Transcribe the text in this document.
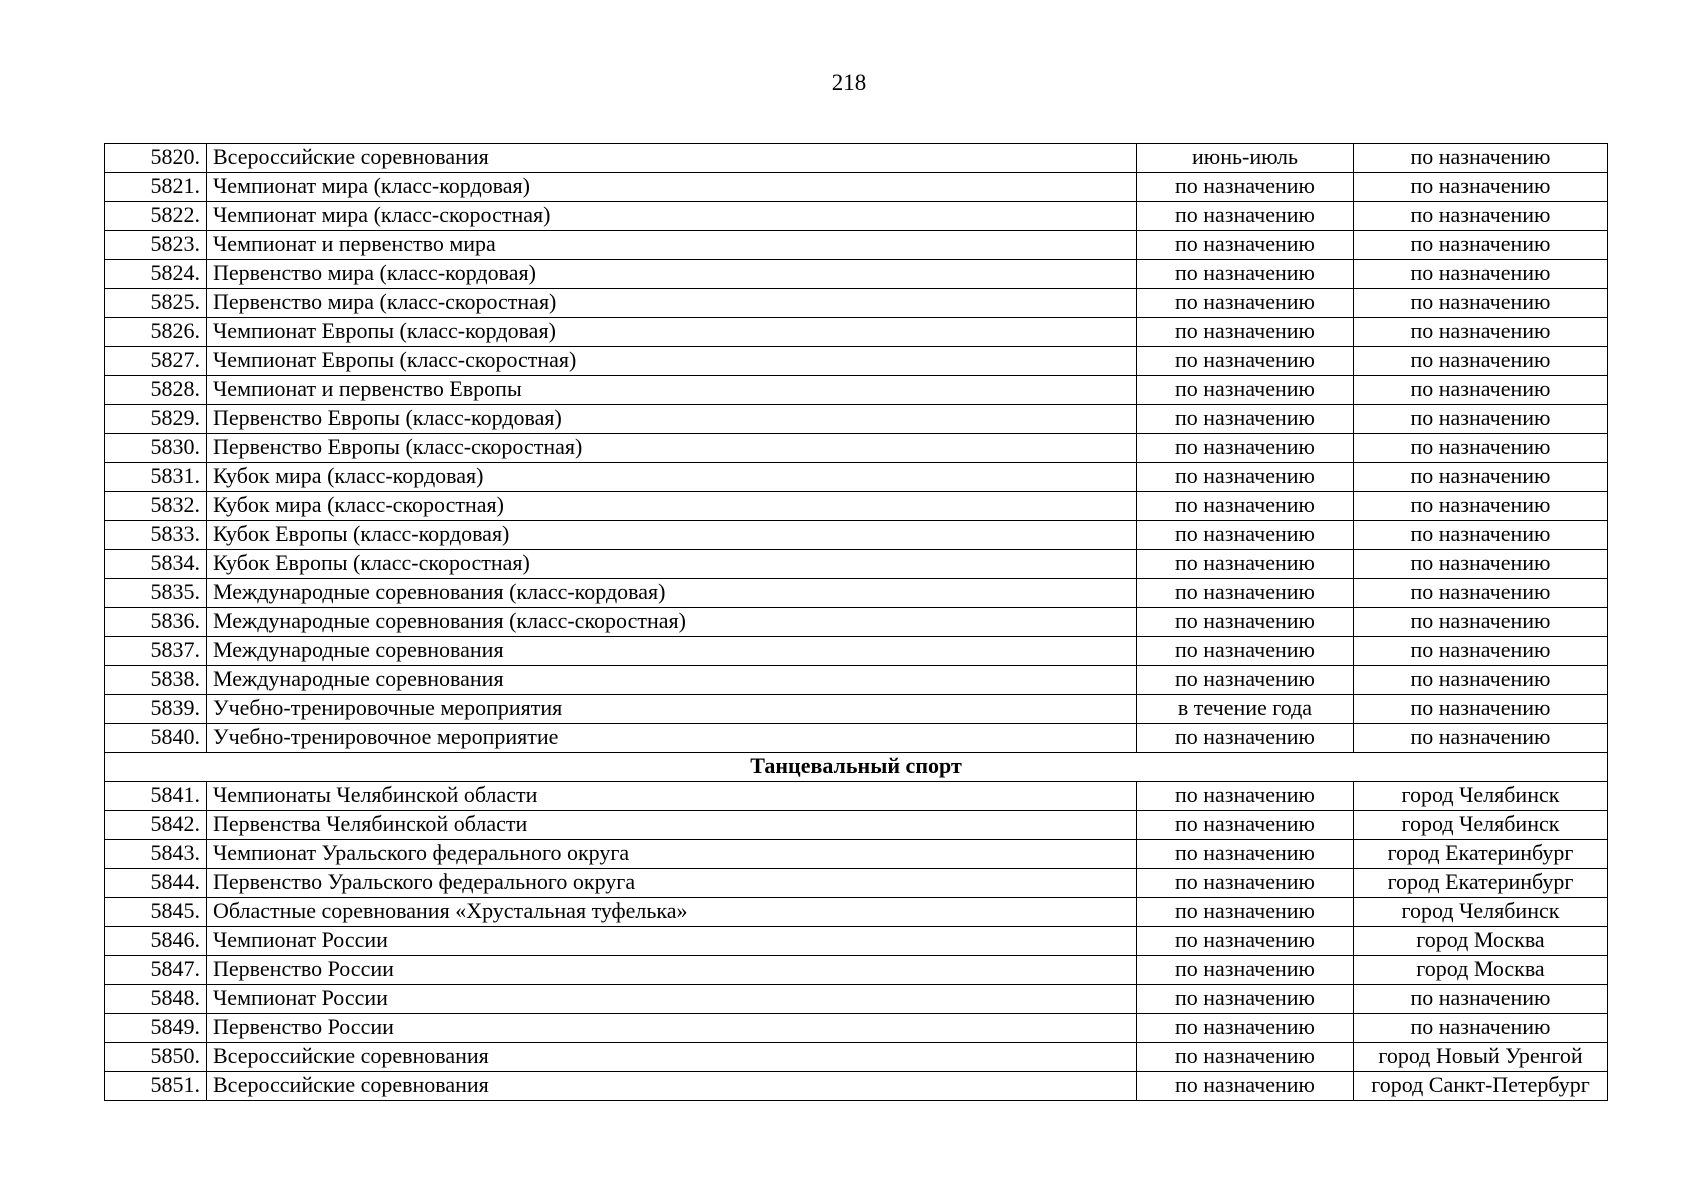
218
5820.	Всероссийские соревнования	июнь-июль	по назначению
5821.	Чемпионат мира (класс-кордовая)	по назначению	по назначению
5822.	Чемпионат мира (класс-скоростная)	по назначению	по назначению
5823.	Чемпионат и первенство мира	по назначению	по назначению
5824.	Первенство мира (класс-кордовая)	по назначению	по назначению
5825.	Первенство мира (класс-скоростная)	по назначению	по назначению
5826.	Чемпионат Европы (класс-кордовая)	по назначению	по назначению
5827.	Чемпионат Европы (класс-скоростная)	по назначению	по назначению
5828.	Чемпионат и первенство Европы	по назначению	по назначению
5829.	Первенство Европы (класс-кордовая)	по назначению	по назначению
5830.	Первенство Европы (класс-скоростная)	по назначению	по назначению
5831.	Кубок мира (класс-кордовая)	по назначению	по назначению
5832.	Кубок мира (класс-скоростная)	по назначению	по назначению
5833.	Кубок Европы (класс-кордовая)	по назначению	по назначению
5834.	Кубок Европы (класс-скоростная)	по назначению	по назначению
5835.	Международные соревнования (класс-кордовая)	по назначению	по назначению
5836.	Международные соревнования (класс-скоростная)	по назначению	по назначению
5837.	Международные соревнования	по назначению	по назначению
5838.	Международные соревнования	по назначению	по назначению
5839.	Учебно-тренировочные мероприятия	в течение года	по назначению
5840.	Учебно-тренировочное мероприятие	по назначению	по назначению
Танцевальный спорт			
5841.	Чемпионаты Челябинской области	по назначению	город Челябинск
5842.	Первенства Челябинской области	по назначению	город Челябинск
5843.	Чемпионат Уральского федерального округа	по назначению	город Екатеринбург
5844.	Первенство Уральского федерального округа	по назначению	город Екатеринбург
5845.	Областные соревнования «Хрустальная туфелька»	по назначению	город Челябинск
5846.	Чемпионат России	по назначению	город Москва
5847.	Первенство России	по назначению	город Москва
5848.	Чемпионат России	по назначению	по назначению
5849.	Первенство России	по назначению	по назначению
5850.	Всероссийские соревнования	по назначению	город Новый Уренгой
5851.	Всероссийские соревнования	по назначению	город Санкт-Петербург
